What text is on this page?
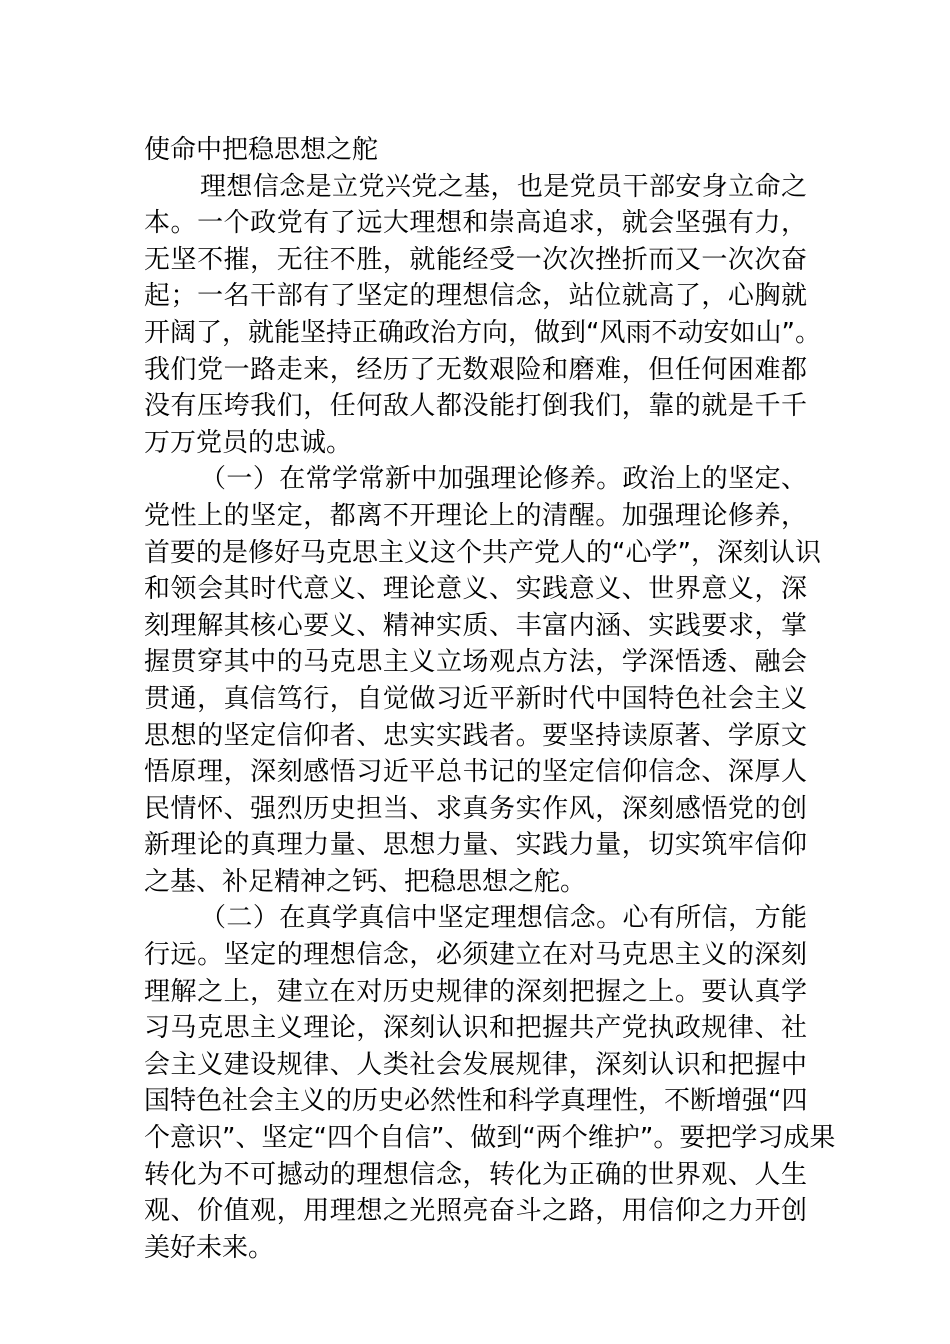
使命中把稳思想之舵
理想信念是立党兴党之基，也是党员干部安身立命之
本。一个政党有了远大理想和崇高追求，就会坚强有力，
无坚不摧，无往不胜，就能经受一次次挫折而又一次次奋
起；一名干部有了坚定的理想信念，站位就高了，心胸就
开阔了，就能坚持正确政治方向，做到“风雨不动安如山”。
我们党一路走来，经历了无数艰险和磨难，但任何困难都
没有压垮我们，任何敌人都没能打倒我们，靠的就是千千
万万党员的忠诚。
（一）在常学常新中加强理论修养。政治上的坚定、
党性上的坚定，都离不开理论上的清醒。加强理论修养，
首要的是修好马克思主义这个共产党人的“心学”，深刻认识
和领会其时代意义、理论意义、实践意义、世界意义，深
刻理解其核心要义、精神实质、丰富内涵、实践要求，掌
握贯穿其中的马克思主义立场观点方法，学深悟透、融会
贯通，真信笃行，自觉做习近平新时代中国特色社会主义
思想的坚定信仰者、忠实实践者。要坚持读原著、学原文
悟原理，深刻感悟习近平总书记的坚定信仰信念、深厚人
民情怀、强烈历史担当、求真务实作风，深刻感悟党的创
新理论的真理力量、思想力量、实践力量，切实筑牢信仰
之基、补足精神之钙、把稳思想之舵。
（二）在真学真信中坚定理想信念。心有所信，方能
行远。坚定的理想信念，必须建立在对马克思主义的深刻
理解之上，建立在对历史规律的深刻把握之上。要认真学
习马克思主义理论，深刻认识和把握共产党执政规律、社
会主义建设规律、人类社会发展规律，深刻认识和把握中
国特色社会主义的历史必然性和科学真理性，不断增强“四
个意识”、坚定“四个自信”、做到“两个维护”。要把学习成果
转化为不可撼动的理想信念，转化为正确的世界观、人生
观、价值观，用理想之光照亮奋斗之路，用信仰之力开创
美好未来。
